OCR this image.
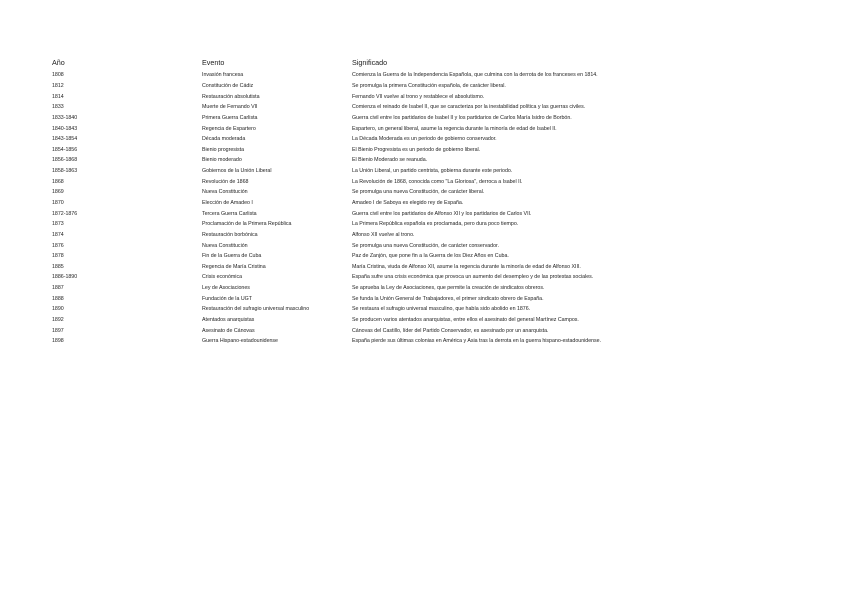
Año	Evento	Significado
1808	Invasión francesa	Comienza la Guerra de la Independencia Española, que culmina con la derrota de los franceses en 1814.
1812	Constitución de Cádiz	Se promulga la primera Constitución española, de carácter liberal.
1814	Restauración absolutista	Fernando VII vuelve al trono y restablece el absolutismo.
1833	Muerte de Fernando VII	Comienza el reinado de Isabel II, que se caracteriza por la inestabilidad política y las guerras civiles.
1833-1840	Primera Guerra Carlista	Guerra civil entre los partidarios de Isabel II y los partidarios de Carlos María Isidro de Borbón.
1840-1843	Regencia de Espartero	Espartero, un general liberal, asume la regencia durante la minoría de edad de Isabel II.
1843-1854	Década moderada	La Década Moderada es un periodo de gobierno conservador.
1854-1856	Bienio progresista	El Bienio Progresista es un periodo de gobierno liberal.
1856-1868	Bienio moderado	El Bienio Moderado se reanuda.
1858-1863	Gobiernos de la Unión Liberal	La Unión Liberal, un partido centrista, gobierna durante este periodo.
1868	Revolución de 1868	La Revolución de 1868, conocida como "La Gloriosa", derroca a Isabel II.
1869	Nueva Constitución	Se promulga una nueva Constitución, de carácter liberal.
1870	Elección de Amadeo I	Amadeo I de Saboya es elegido rey de España.
1872-1876	Tercera Guerra Carlista	Guerra civil entre los partidarios de Alfonso XII y los partidarios de Carlos VII.
1873	Proclamación de la Primera República	La Primera República española es proclamada, pero dura poco tiempo.
1874	Restauración borbónica	Alfonso XII vuelve al trono.
1876	Nueva Constitución	Se promulga una nueva Constitución, de carácter conservador.
1878	Fin de la Guerra de Cuba	Paz de Zanjón, que pone fin a la Guerra de los Diez Años en Cuba.
1885	Regencia de María Cristina	María Cristina, viuda de Alfonso XII, asume la regencia durante la minoría de edad de Alfonso XIII.
1886-1890	Crisis económica	España sufre una crisis económica que provoca un aumento del desempleo y de las protestas sociales.
1887	Ley de Asociaciones	Se aprueba la Ley de Asociaciones, que permite la creación de sindicatos obreros.
1888	Fundación de la UGT	Se funda la Unión General de Trabajadores, el primer sindicato obrero de España.
1890	Restauración del sufragio universal masculino	Se restaura el sufragio universal masculino, que había sido abolido en 1876.
1892	Atentados anarquistas	Se producen varios atentados anarquistas, entre ellos el asesinato del general Martínez Campos.
1897	Asesinato de Cánovas	Cánovas del Castillo, líder del Partido Conservador, es asesinado por un anarquista.
1898	Guerra Hispano-estadounidense	España pierde sus últimas colonias en América y Asia tras la derrota en la guerra hispano-estadounidense.
